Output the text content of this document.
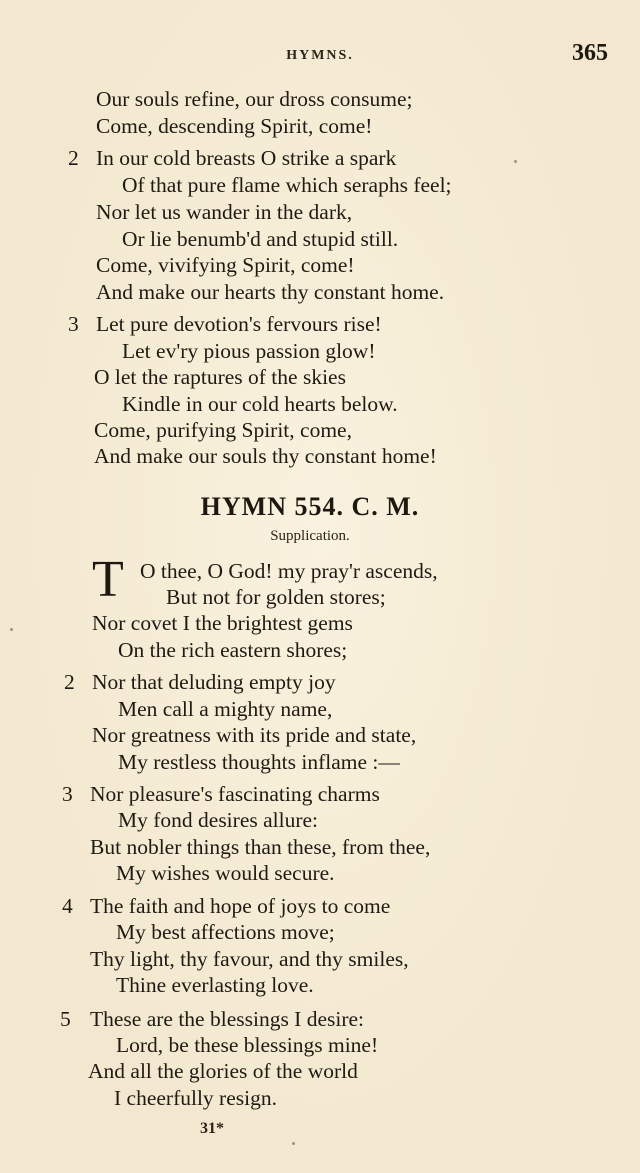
HYMNS.	365
Our souls refine, our dross consume;
Come, descending Spirit, come!
2 In our cold breasts O strike a spark
Of that pure flame which seraphs feel;
Nor let us wander in the dark,
Or lie benumb'd and stupid still.
Come, vivifying Spirit, come!
And make our hearts thy constant home.
3 Let pure devotion's fervours rise!
Let ev'ry pious passion glow!
O let the raptures of the skies
Kindle in our cold hearts below.
Come, purifying Spirit, come,
And make our souls thy constant home!
HYMN 554. C. M.
Supplication.
T O thee, O God! my pray'r ascends,
But not for golden stores;
Nor covet I the brightest gems
On the rich eastern shores;
2 Nor that deluding empty joy
Men call a mighty name,
Nor greatness with its pride and state,
My restless thoughts inflame :—
3 Nor pleasure's fascinating charms
My fond desires allure:
But nobler things than these, from thee,
My wishes would secure.
4 The faith and hope of joys to come
My best affections move;
Thy light, thy favour, and thy smiles,
Thine everlasting love.
5 These are the blessings I desire:
Lord, be these blessings mine!
And all the glories of the world
I cheerfully resign.
31*
